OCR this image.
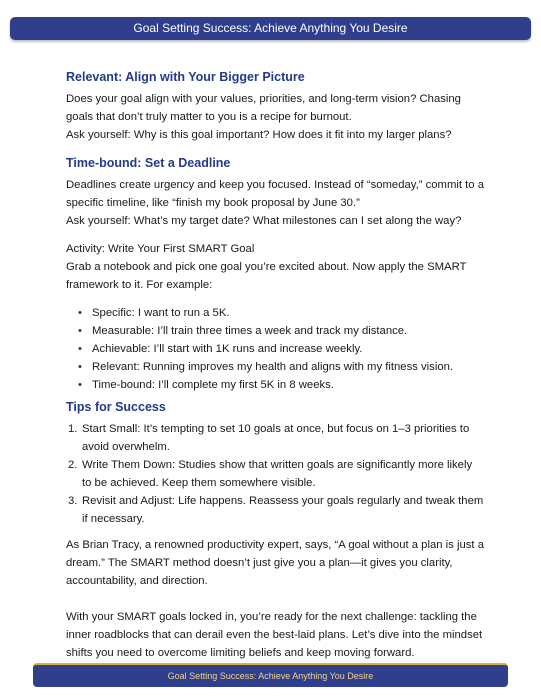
Goal Setting Success: Achieve Anything You Desire
Relevant: Align with Your Bigger Picture

Does your goal align with your values, priorities, and long-term vision? Chasing goals that don’t truly matter to you is a recipe for burnout.

Ask yourself: Why is this goal important? How does it fit into my larger plans?

Time-bound: Set a Deadline

Deadlines create urgency and keep you focused. Instead of “someday,” commit to a specific timeline, like “finish my book proposal by June 30.”

Ask yourself: What’s my target date? What milestones can I set along the way?

Activity: Write Your First SMART Goal

Grab a notebook and pick one goal you’re excited about. Now apply the SMART framework to it. For example:

• Specific: I want to run a 5K.
• Measurable: I’ll train three times a week and track my distance.
• Achievable: I’ll start with 1K runs and increase weekly.
• Relevant: Running improves my health and aligns with my fitness vision.
• Time-bound: I’ll complete my first 5K in 8 weeks.
Tips for Success
1. Start Small: It’s tempting to set 10 goals at once, but focus on 1–3 priorities to avoid overwhelm.
2. Write Them Down: Studies show that written goals are significantly more likely to be achieved. Keep them somewhere visible.
3. Revisit and Adjust: Life happens. Reassess your goals regularly and tweak them if necessary.

As Brian Tracy, a renowned productivity expert, says, “A goal without a plan is just a dream.” The SMART method doesn’t just give you a plan—it gives you clarity, accountability, and direction.

With your SMART goals locked in, you’re ready for the next challenge: tackling the inner roadblocks that can derail even the best-laid plans. Let’s dive into the mindset shifts you need to overcome limiting beliefs and keep moving forward.

Goal Setting Success: Achieve Anything You Desire
